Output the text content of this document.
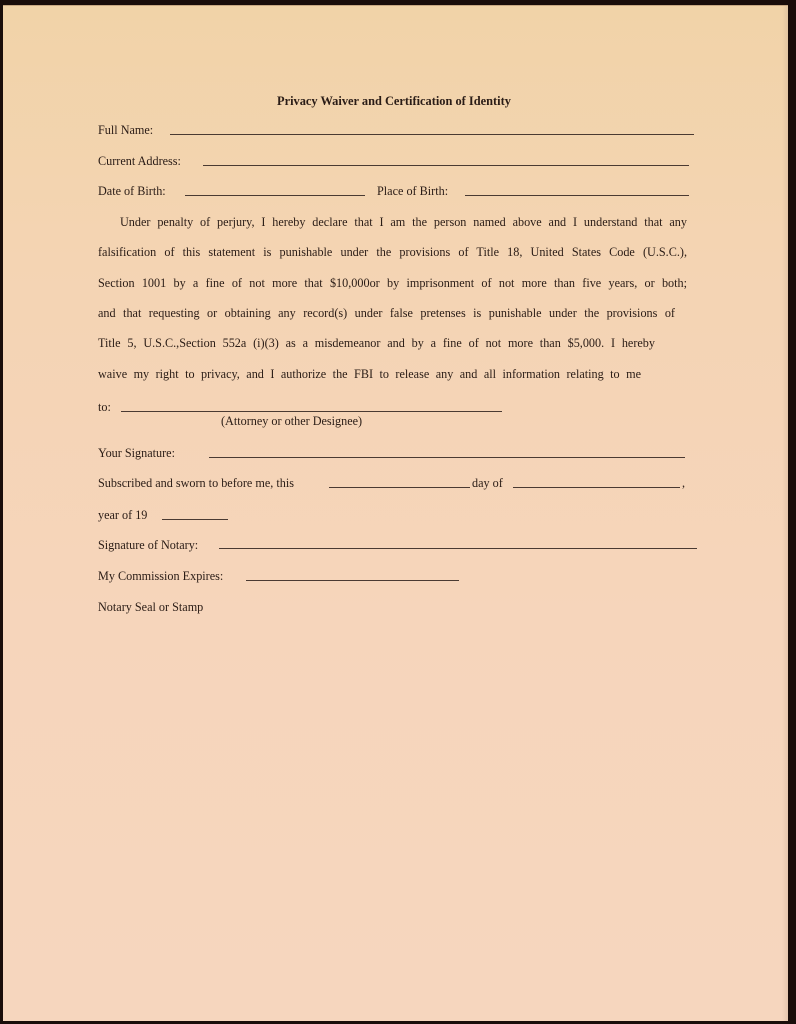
Privacy Waiver and Certification of Identity
Full Name:
Current Address:
Date of Birth:	Place of Birth:
Under penalty of perjury, I hereby declare that I am the person named above and I understand that any
falsification of this statement is punishable under the provisions of Title 18, United States Code (U.S.C.),
Section 1001 by a fine of not more that $10,000or by imprisonment of not more than five years, or both;
and that requesting or obtaining any record(s) under false pretenses is punishable under the provisions of
Title 5, U.S.C.,Section 552a (i)(3) as a misdemeanor and by a fine of not more than $5,000. I hereby
waive my right to privacy, and I authorize the FBI to release any and all information relating to me
to:
(Attorney or other Designee)
Your Signature:
Subscribed and sworn to before me, this	day of	,
year of 19
Signature of Notary:
My Commission Expires:
Notary Seal or Stamp
